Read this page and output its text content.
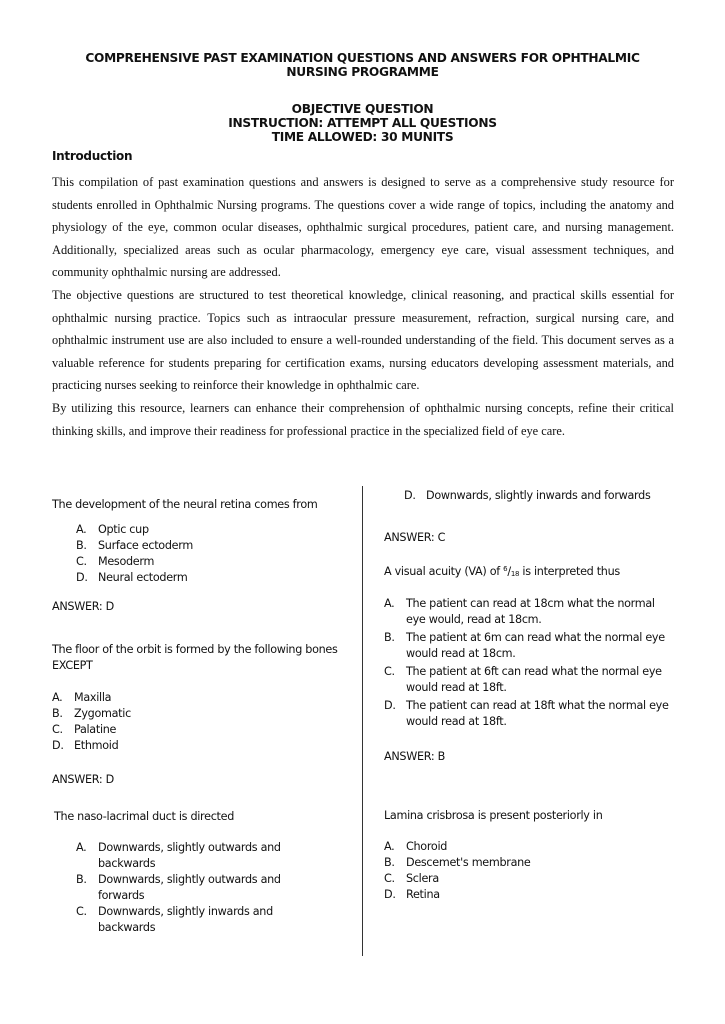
COMPREHENSIVE PAST EXAMINATION QUESTIONS AND ANSWERS FOR OPHTHALMIC
NURSING PROGRAMME
OBJECTIVE QUESTION
INSTRUCTION: ATTEMPT ALL QUESTIONS
TIME ALLOWED: 30 MUNITS
Introduction

This compilation of past examination questions and answers is designed to serve as a comprehensive study resource for students enrolled in Ophthalmic Nursing programs. The questions cover a wide range of topics, including the anatomy and physiology of the eye, common ocular diseases, ophthalmic surgical procedures, patient care, and nursing management. Additionally, specialized areas such as ocular pharmacology, emergency eye care, visual assessment techniques, and community ophthalmic nursing are addressed.

The objective questions are structured to test theoretical knowledge, clinical reasoning, and practical skills essential for ophthalmic nursing practice. Topics such as intraocular pressure measurement, refraction, surgical nursing care, and ophthalmic instrument use are also included to ensure a well-rounded understanding of the field. This document serves as a valuable reference for students preparing for certification exams, nursing educators developing assessment materials, and practicing nurses seeking to reinforce their knowledge in ophthalmic care.

By utilizing this resource, learners can enhance their comprehension of ophthalmic nursing concepts, refine their critical thinking skills, and improve their readiness for professional practice in the specialized field of eye care.

The development of the neural retina comes from

A. Optic cup
B. Surface ectoderm
C. Mesoderm
D. Neural ectoderm

ANSWER: D

The floor of the orbit is formed by the following bones EXCEPT

A. Maxilla
B. Zygomatic
C. Palatine
D. Ethmoid

ANSWER: D

The naso-lacrimal duct is directed

A. Downwards, slightly outwards and backwards
B. Downwards, slightly outwards and forwards
C. Downwards, slightly inwards and backwards
D. Downwards, slightly inwards and forwards

ANSWER: C

A visual acuity (VA) of $^6$/18 is interpreted thus

A. The patient can read at 18cm what the normal eye would, read at 18cm.
B. The patient at 6m can read what the normal eye would read at 18cm.
C. The patient at 6ft can read what the normal eye would read at 18ft.
D. The patient can read at 18ft what the normal eye would read at 18ft.

ANSWER: B

Lamina crisbrosa is present posteriorly in

A. Choroid
B. Descemet's membrane
C. Sclera
D. Retina
